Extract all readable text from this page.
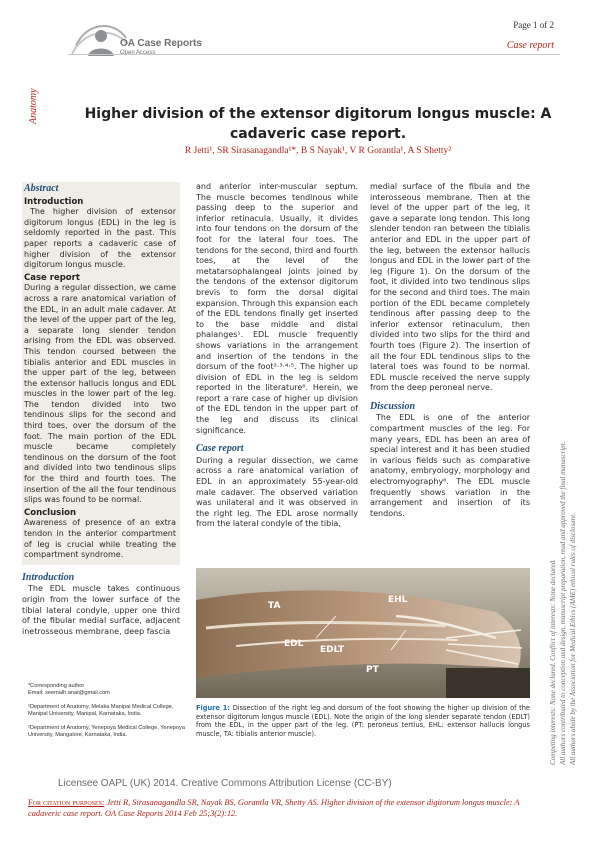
OA Case Reports
Open Access
Page 1 of 2
Case report
Anatomy	Higher division of the extensor digitorum longus muscle: A cadaveric case report.
R Jetti¹, SR Sirasanagandla¹*, B S Nayak¹, V R Gorantla¹, A S Shetty²
Abstract
Introduction
The higher division of extensor digitorum longus (EDL) in the leg is seldomly reported in the past. This paper reports a cadaveric case of higher division of the extensor digitorum longus muscle.
Case report
During a regular dissection, we came across a rare anatomical variation of the EDL, in an adult male cadaver. At the level of the upper part of the leg, a separate long slender tendon arising from the EDL was observed. This tendon coursed between the tibialis anterior and EDL muscles in the upper part of the leg, between the extensor hallucis longus and EDL muscles in the lower part of the leg. The tendon divided into two tendinous slips for the second and third toes, over the dorsum of the foot. The main portion of the EDL muscle became completely tendinous on the dorsum of the foot and divided into two tendinous slips for the third and fourth toes. The insertion of the all the four tendinous slips was found to be normal.
Conclusion
Awareness of presence of an extra tendon in the anterior compartment of leg is crucial while treating the compartment syndrome.
Introduction
The EDL muscle takes continuous origin from the lower surface of the tibial lateral condyle, upper one third of the fibular medial surface, adjacent inetrosseous membrane, deep fascia
and anterior inter-muscular septum. The muscle becomes tendinous while passing deep to the superior and inferior retinacula. Usually, it divides into four tendons on the dorsum of the foot for the lateral four toes. The tendons for the second, third and fourth toes, at the level of the metatarsophalangeal joints joined by the tendons of the extensor digitorum brevis to form the dorsal digital expansion. Through this expansion each of the EDL tendons finally get inserted to the base middle and distal phalanges¹. EDL muscle frequently shows variations in the arrangement and insertion of the tendons in the dorsum of the foot²·³·⁴·⁵. The higher up division of EDL in the leg is seldom reported in the literature⁶. Herein, we report a rare case of higher up division of the EDL tendon in the upper part of the leg and discuss its clinical significance.
Case report
During a regular dissection, we came across a rare anatomical variation of EDL in an approximately 55-year-old male cadaver. The observed variation was unilateral and it was observed in the right leg. The EDL arose normally from the lateral condyle of the tibia,
medial surface of the fibula and the interosseous membrane. Then at the level of the upper part of the leg, it gave a separate long tendon. This long slender tendon ran between the tibialis anterior and EDL in the upper part of the leg, between the extensor hallucis longus and EDL in the lower part of the leg (Figure 1). On the dorsum of the foot, it divided into two tendinous slips for the second and third toes. The main portion of the EDL became completely tendinous after passing deep to the inferior extensor retinaculum, then divided into two slips for the third and fourth toes (Figure 2). The insertion of all the four EDL tendinous slips to the lateral toes was found to be normal. EDL muscle received the nerve supply from the deep peroneal nerve.
Discussion
The EDL is one of the anterior compartment muscles of the leg. For many years, EDL has been an area of special interest and it has been studied in various fields such as comparative anatomy, embryology, morphology and electromyography⁶. The EDL muscle frequently shows variation in the arrangement and insertion of its tendons.
TA
EHL
EDL
EDLT
PT
Figure 1: Dissection of the right leg and dorsum of the foot showing the higher up division of the extensor digitorum longus muscle (EDL). Note the origin of the long slender separate tendon (EDLT) from the EDL, in the upper part of the leg. (PT: peroneus tertius, EHL: extensor hallucis longus muscle, TA: tibialis anterior muscle).
*Corresponding author
Email: seemalh.anat@gmail.com
¹Department of Anatomy, Melaka Manipal Medical College, Manipal University, Manipal, Karnataka, India.
²Department of Anatomy, Yenepoya Medical College, Yenepoya University, Mangalore, Karnataka, India.	Competing interests: None declared. Conflict of interests: None declared. All authors contributed to conception and design, manuscript preparation, read and approved the final manuscript. All authors abide by the Association for Medical Ethics (AME) ethical rules of disclosure.
Licensee OAPL (UK) 2014. Creative Commons Attribution License (CC-BY)
For citation purposes: Jetti R, Sirasanagandla SR, Nayak BS, Gorantla VR, Shetty AS. Higher division of the extensor digitorum longus muscle: A cadaveric case report. OA Case Reports 2014 Feb 25;3(2):12.
